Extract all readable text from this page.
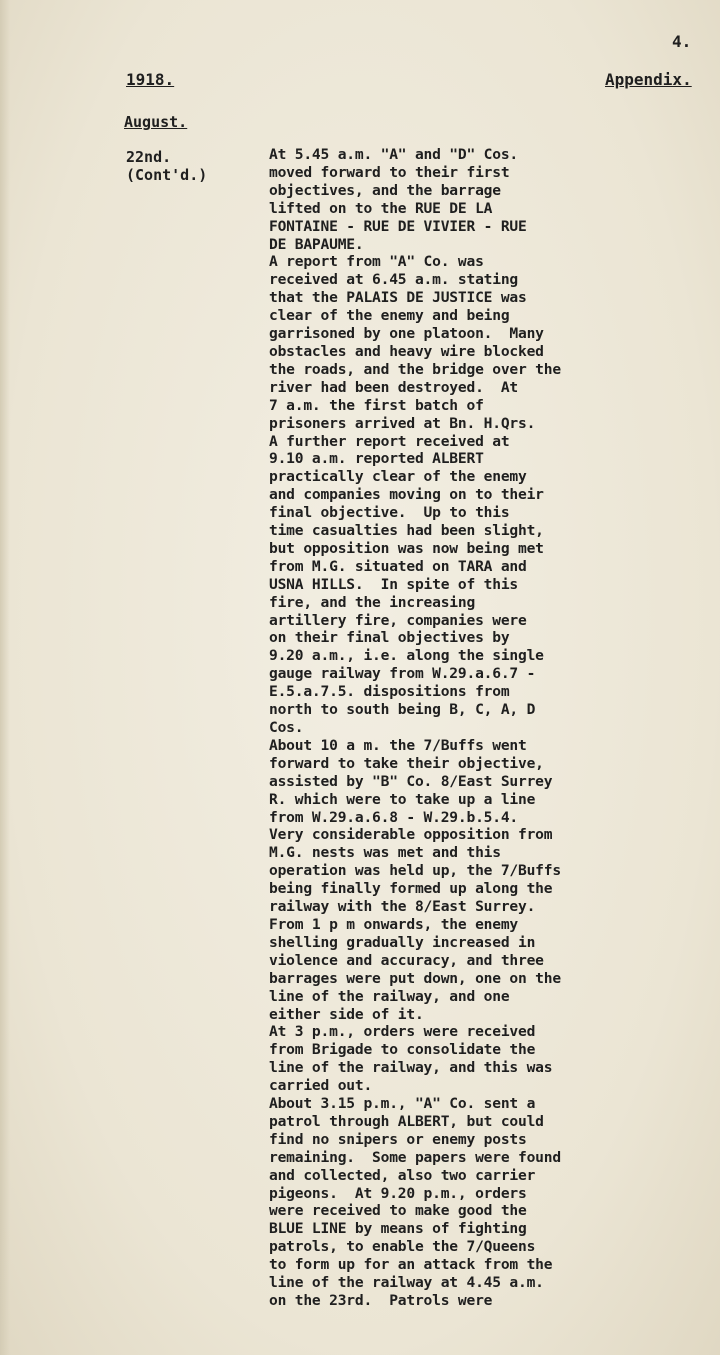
4.
1918.	Appendix.
August.
22nd.
(Cont'd.)
At 5.45 a.m. "A" and "D" Cos.
moved forward to their first
objectives, and the barrage
lifted on to the RUE DE LA
FONTAINE - RUE DE VIVIER - RUE
DE BAPAUME.
A report from "A" Co. was
received at 6.45 a.m. stating
that the PALAIS DE JUSTICE was
clear of the enemy and being
garrisoned by one platoon.  Many
obstacles and heavy wire blocked
the roads, and the bridge over the
river had been destroyed.  At
7 a.m. the first batch of
prisoners arrived at Bn. H.Qrs.
A further report received at
9.10 a.m. reported ALBERT
practically clear of the enemy
and companies moving on to their
final objective.  Up to this
time casualties had been slight,
but opposition was now being met
from M.G. situated on TARA and
USNA HILLS.  In spite of this
fire, and the increasing
artillery fire, companies were
on their final objectives by
9.20 a.m., i.e. along the single
gauge railway from W.29.a.6.7 -
E.5.a.7.5. dispositions from
north to south being B, C, A, D
Cos.
About 10 a m. the 7/Buffs went
forward to take their objective,
assisted by "B" Co. 8/East Surrey
R. which were to take up a line
from W.29.a.6.8 - W.29.b.5.4.
Very considerable opposition from
M.G. nests was met and this
operation was held up, the 7/Buffs
being finally formed up along the
railway with the 8/East Surrey.
From 1 p m onwards, the enemy
shelling gradually increased in
violence and accuracy, and three
barrages were put down, one on the
line of the railway, and one
either side of it.
At 3 p.m., orders were received
from Brigade to consolidate the
line of the railway, and this was
carried out.
About 3.15 p.m., "A" Co. sent a
patrol through ALBERT, but could
find no snipers or enemy posts
remaining.  Some papers were found
and collected, also two carrier
pigeons.  At 9.20 p.m., orders
were received to make good the
BLUE LINE by means of fighting
patrols, to enable the 7/Queens
to form up for an attack from the
line of the railway at 4.45 a.m.
on the 23rd.  Patrols were
